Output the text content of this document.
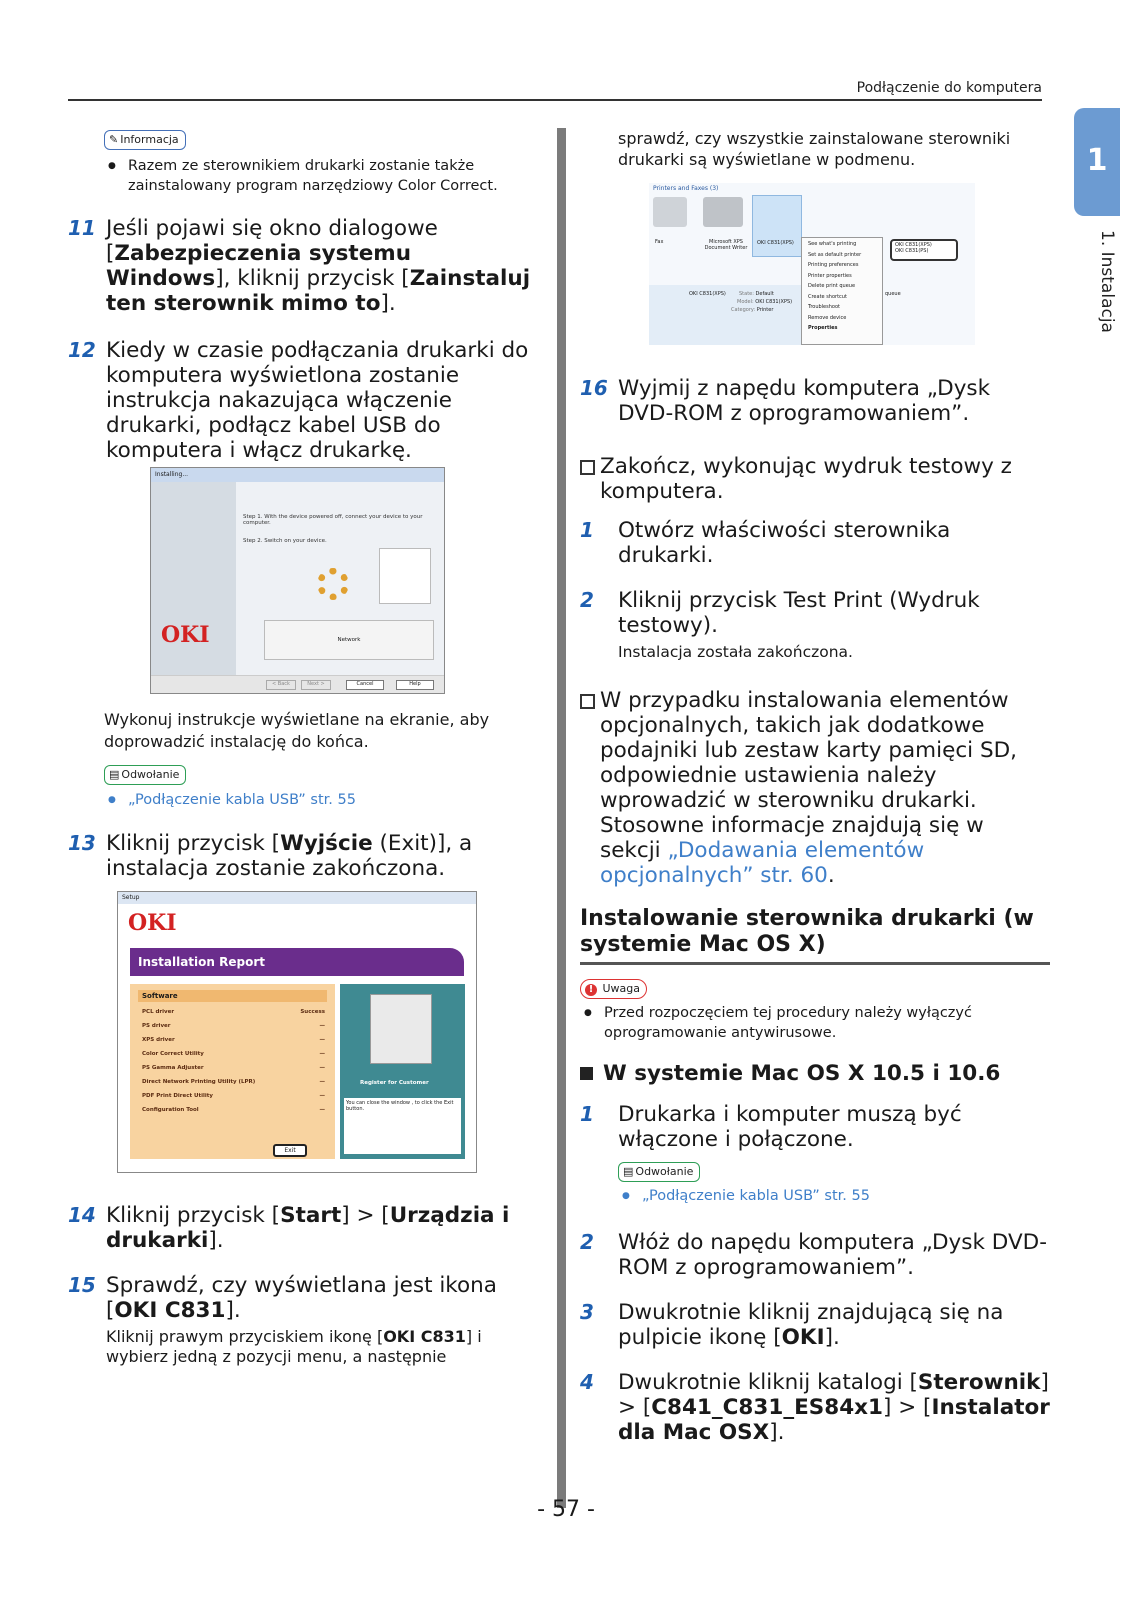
Podłączenie do komputera
1
1. Instalacja
✎ Informacja
● Razem ze sterownikiem drukarki zostanie także zainstalowany program narzędziowy Color Correct.
11 Jeśli pojawi się okno dialogowe [Zabezpieczenia systemu Windows], kliknij przycisk [Zainstaluj ten sterownik mimo to].
12 Kiedy w czasie podłączania drukarki do komputera wyświetlona zostanie instrukcja nakazująca włączenie drukarki, podłącz kabel USB do komputera i włącz drukarkę.
Installing...
OKI
Step 1. With the device powered off, connect your device to your computer.
Step 2. Switch on your device.
Network
< Back	Next >	Cancel	Help
Wykonuj instrukcje wyświetlane na ekranie, aby doprowadzić instalację do końca.
▤ Odwołanie
● „Podłączenie kabla USB” str. 55
13 Kliknij przycisk [Wyjście (Exit)], a instalacja zostanie zakończona.
Setup
OKI
Installation Report
Software
PCL driver	Success
PS driver	—
XPS driver	—
Color Correct Utility	—
PS Gamma Adjuster	—
Direct Network Printing Utility (LPR)	—
PDF Print Direct Utility	—
Configuration Tool	—
Register for Customer
You can close the window , to click the Exit button.
Exit
14 Kliknij przycisk [Start] > [Urządzia i drukarki].
15 Sprawdź, czy wyświetlana jest ikona [OKI C831].
Kliknij prawym przyciskiem ikonę [OKI C831] i wybierz jedną z pozycji menu, a następnie
sprawdź, czy wszystkie zainstalowane sterowniki drukarki są wyświetlane w podmenu.
Printers and Faxes (3)
Fax	Microsoft XPS Document Writer
OKI C831(XPS)	See what's printing
Set as default printer
Printing preferences
Printer properties
Delete print queue
Create shortcut
Troubleshoot
Remove device
Properties
OKI C831(XPS)
OKI C831(PS)
OKI C831(XPS)	State: Default
Model: OKI C831(XPS)
Category: Printer
queue
16 Wyjmij z napędu komputera „Dysk DVD-ROM z oprogramowaniem”.
Zakończ, wykonując wydruk testowy z komputera.
1 Otwórz właściwości sterownika drukarki.
2 Kliknij przycisk Test Print (Wydruk testowy).
Instalacja została zakończona.
W przypadku instalowania elementów opcjonalnych, takich jak dodatkowe podajniki lub zestaw karty pamięci SD, odpowiednie ustawienia należy wprowadzić w sterowniku drukarki. Stosowne informacje znajdują się w sekcji „Dodawania elementów opcjonalnych” str. 60.
Instalowanie sterownika drukarki (w systemie Mac OS X)
! Uwaga
● Przed rozpoczęciem tej procedury należy wyłączyć oprogramowanie antywirusowe.
W systemie Mac OS X 10.5 i 10.6
1 Drukarka i komputer muszą być włączone i połączone.
▤ Odwołanie
● „Podłączenie kabla USB” str. 55
2 Włóż do napędu komputera „Dysk DVD-ROM z oprogramowaniem”.
3 Dwukrotnie kliknij znajdującą się na pulpicie ikonę [OKI].
4 Dwukrotnie kliknij katalogi [Sterownik] > [C841_C831_ES84x1] > [Instalator dla Mac OSX].
- 57 -
